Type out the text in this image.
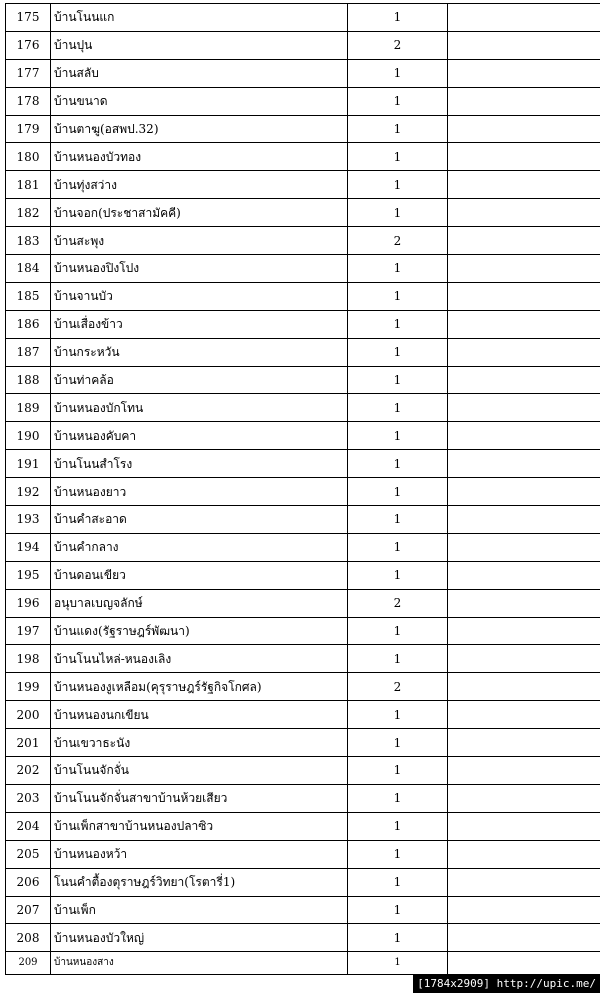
175	บ้านโนนแก	1	
176	บ้านปุน	2	
177	บ้านสลับ	1	
178	บ้านขนาด	1	
179	บ้านตาฆู(อสพป.32)	1	
180	บ้านหนองบัวทอง	1	
181	บ้านทุ่งสว่าง	1	
182	บ้านจอก(ประชาสามัคคี)	1	
183	บ้านสะพุง	2	
184	บ้านหนองปิงโปง	1	
185	บ้านจานบัว	1	
186	บ้านเสื่องข้าว	1	
187	บ้านกระหวัน	1	
188	บ้านท่าคล้อ	1	
189	บ้านหนองบักโทน	1	
190	บ้านหนองคับคา	1	
191	บ้านโนนสำโรง	1	
192	บ้านหนองยาว	1	
193	บ้านคำสะอาด	1	
194	บ้านคำกลาง	1	
195	บ้านดอนเขียว	1	
196	อนุบาลเบญจลักษ์	2	
197	บ้านแดง(รัฐราษฎร์พัฒนา)	1	
198	บ้านโนนไหล่-หนองเลิง	1	
199	บ้านหนองงูเหลือม(คุรุราษฎร์รัฐกิจโกศล)	2	
200	บ้านหนองนกเขียน	1	
201	บ้านเขวาธะนัง	1	
202	บ้านโนนจักจั่น	1	
203	บ้านโนนจักจั่นสาขาบ้านห้วยเสียว	1	
204	บ้านเพ็กสาขาบ้านหนองปลาซิว	1	
205	บ้านหนองหว้า	1	
206	โนนคำตื้องตุราษฎร์วิทยา(โรตารี่1)	1	
207	บ้านเพ็ก	1	
208	บ้านหนองบัวใหญ่	1	
209	บ้านหนองสาง	1	
[1784x2909] http://upic.me/
